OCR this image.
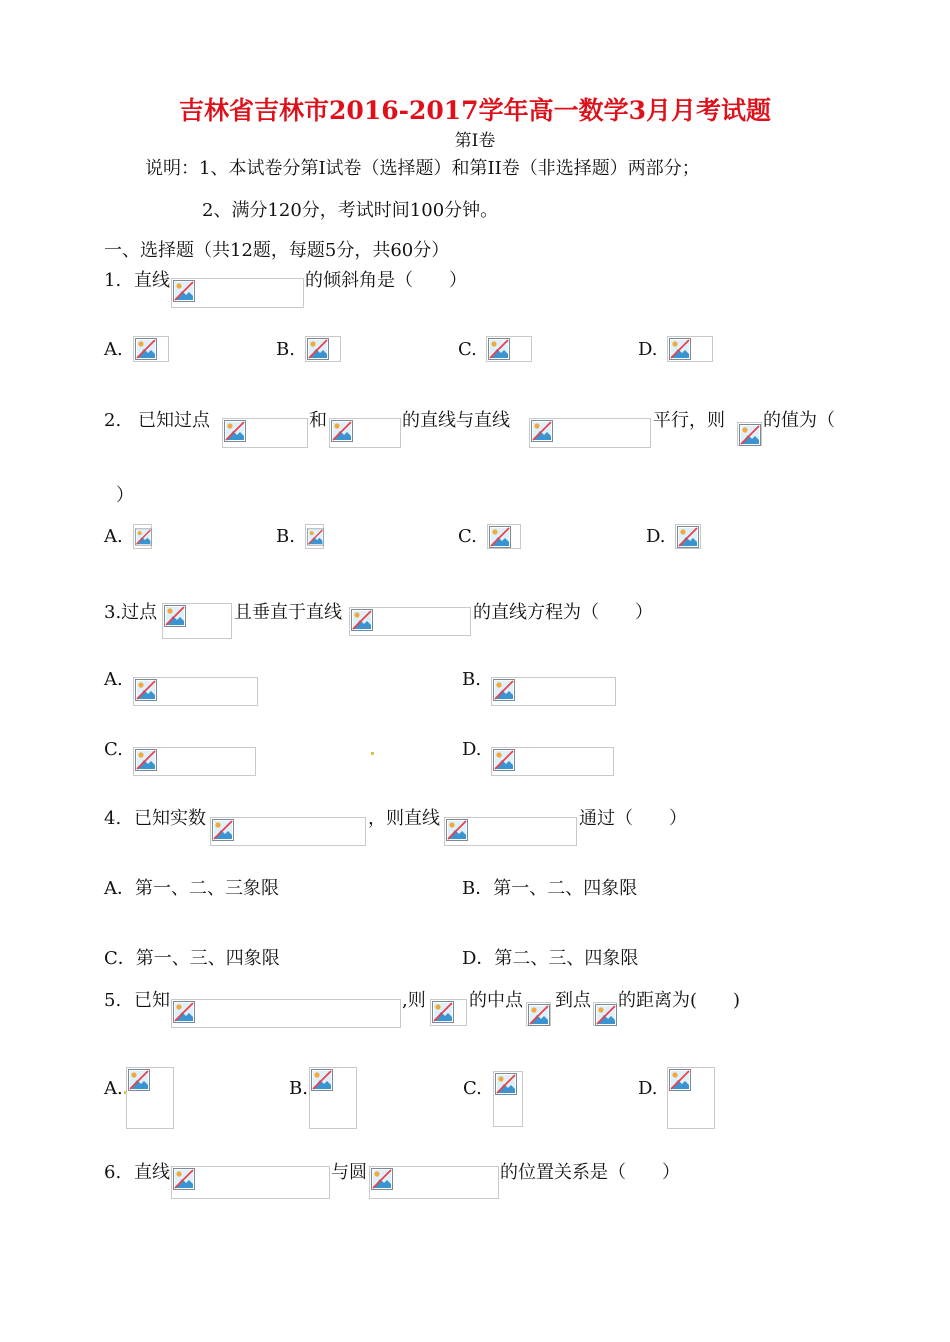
吉林省吉林市2016-2017学年高一数学3月月考试题
第Ⅰ卷
说明：1、本试卷分第Ⅰ试卷（选择题）和第II卷（非选择题）两部分；
2、满分120分，考试时间100分钟。
一、选择题（共12题，每题5分，共60分）
1. 直线	的倾斜角是（　　）
A.	B.	C.	D.
2. 已知过点	和	的直线与直线	平行，则 的值为（
）
A.	B.	C.	D.
3.过点	且垂直于直线	的直线方程为（　　）
A.	B.
C.	D.
4. 已知实数	，则直线	通过（　　）
A．第一、二、三象限	B．第一、二、四象限
C．第一、三、四象限	D．第二、三、四象限
5. 已知	,则 的中点 到点 的距离为(　　)
A.	B.	C.	D.
6. 直线	与圆	的位置关系是（　　）
